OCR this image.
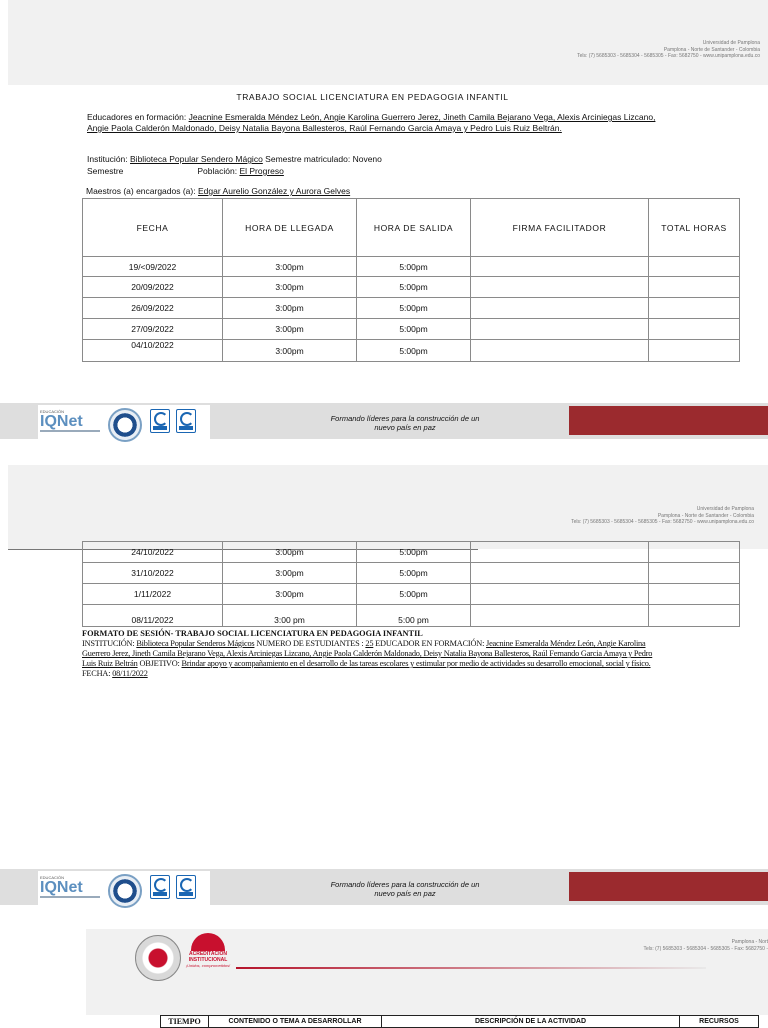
Universidad de Pamplona
Pamplona - Norte de Santander - Colombia
Tels: (7) 5685303 - 5685304 - 5685305 - Fax: 5682750 - www.unipamplona.edu.co
TRABAJO SOCIAL LICENCIATURA EN PEDAGOGIA INFANTIL
Educadores en formación: Jeacnine Esmeralda Méndez León, Angie Karolina Guerrero Jerez, Jineth Camila Bejarano Vega, Alexis Arciniegas Lizcano, Angie Paola Calderón Maldonado, Deisy Natalia Bayona Ballesteros, Raúl Fernando Garcia Amaya y Pedro Luis Ruiz Beltrán.
Institución: Biblioteca Popular Sendero Mágico Semestre matriculado: Noveno
Semestre	Población: El Progreso
Maestros (a) encargados (a): Edgar Aurelio González y Aurora Gelves
FECHA	HORA DE LLEGADA	HORA DE SALIDA	FIRMA FACILITADOR	TOTAL HORAS
19/<09/2022	3:00pm	5:00pm		
20/09/2022	3:00pm	5:00pm		
26/09/2022	3:00pm	5:00pm		
27/09/2022	3:00pm	5:00pm		
04/10/2022	3:00pm	5:00pm		
EDUCACIÓN
IQNet	Formando líderes para la construcción de un
nuevo país en paz
Universidad de Pamplona
Pamplona - Norte de Santander - Colombia
Tels: (7) 5685303 - 5685304 - 5685305 - Fax: 5682750 - www.unipamplona.edu.co
24/10/2022	3:00pm	5:00pm		
31/10/2022	3:00pm	5:00pm		
1/11/2022	3:00pm	5:00pm		
08/11/2022	3:00 pm	5:00 pm		
FORMATO DE SESIÓN- TRABAJO SOCIAL LICENCIATURA EN PEDAGOGIA INFANTIL
INSTITUCIÓN: Biblioteca Popular Senderos Mágicos NUMERO DE ESTUDIANTES : 25 EDUCADOR EN FORMACIÓN: Jeacnine Esmeralda Méndez León, Angie Karolina Guerrero Jerez, Jineth Camila Bejarano Vega, Alexis Arciniegas Lizcano, Angie Paola Calderón Maldonado, Deisy Natalia Bayona Ballesteros, Raúl Fernando Garcia Amaya y Pedro Luis Ruiz Beltrán OBJETIVO: Brindar apoyo y acompañamiento en el desarrollo de las tareas escolares y estimular por medio de actividades su desarrollo emocional, social y físico. FECHA: 08/11/2022
EDUCACIÓN
IQNet	Formando líderes para la construcción de un
nuevo país en paz
ACREDITACIÓN
INSTITUCIONAL
¡Unidos, comprometidos!
Pamplona - Nort
Tels: (7) 5685303 - 5685304 - 5685305 - Fax: 5682750 -
TIEMPO	CONTENIDO O TEMA A DESARROLLAR	DESCRIPCIÓN DE LA ACTIVIDAD	RECURSOS
